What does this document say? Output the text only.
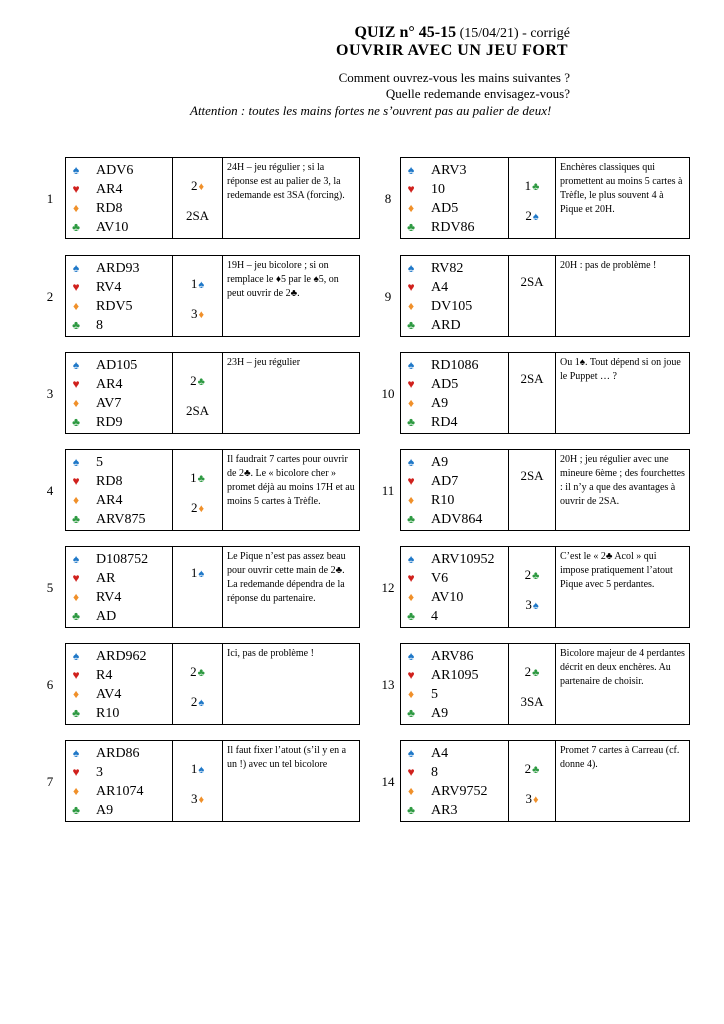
QUIZ n° 45-15 (15/04/21) - corrigé
OUVRIR AVEC UN JEU FORT
Comment ouvrez-vous les mains suivantes ?
Quelle redemande envisagez-vous?
Attention : toutes les mains fortes ne s’ouvrent pas au palier de deux!
1
♠ ADV6
♥ AR4
♦ RD8
♣ AV10
2♦
2SA
24H – jeu régulier ; si la réponse est au palier de 3, la redemande est 3SA (forcing).
2
♠ ARD93
♥ RV4
♦ RDV5
♣ 8
1♠
3♦
19H – jeu bicolore ; si on remplace le ♦5 par le ♠5, on peut ouvrir de 2♣.
3
♠ AD105
♥ AR4
♦ AV7
♣ RD9
2♣
2SA
23H – jeu régulier
4
♠ 5
♥ RD8
♦ AR4
♣ ARV875
1♣
2♦
Il faudrait 7 cartes pour ouvrir de 2♣. Le « bicolore cher » promet déjà au moins 17H et au moins 5 cartes à Trèfle.
5
♠ D108752
♥ AR
♦ RV4
♣ AD
1♠
Le Pique n’est pas assez beau pour ouvrir cette main de 2♣. La redemande dépendra de la réponse du partenaire.
6
♠ ARD962
♥ R4
♦ AV4
♣ R10
2♣
2♠
Ici, pas de problème !
7
♠ ARD86
♥ 3
♦ AR1074
♣ A9
1♠
3♦
Il faut fixer l’atout (s’il y en a un !) avec un tel bicolore
8
♠ ARV3
♥ 10
♦ AD5
♣ RDV86
1♣
2♠
Enchères classiques qui promettent au moins 5 cartes à Trèfle, le plus souvent 4 à Pique et 20H.
9
♠ RV82
♥ A4
♦ DV105
♣ ARD
2SA
20H : pas de problème !
10
♠ RD1086
♥ AD5
♦ A9
♣ RD4
2SA
Ou 1♠. Tout dépend si on joue le Puppet … ?
11
♠ A9
♥ AD7
♦ R10
♣ ADV864
2SA
20H ; jeu régulier avec une mineure 6ème ; des fourchettes : il n’y a que des avantages à ouvrir de 2SA.
12
♠ ARV10952
♥ V6
♦ AV10
♣ 4
2♣
3♠
C’est le « 2♣ Acol » qui impose pratiquement l’atout Pique avec 5 perdantes.
13
♠ ARV86
♥ AR1095
♦ 5
♣ A9
2♣
3SA
Bicolore majeur de 4 perdantes décrit en deux enchères. Au partenaire de choisir.
14
♠ A4
♥ 8
♦ ARV9752
♣ AR3
2♣
3♦
Promet 7 cartes à Carreau (cf. donne 4).
